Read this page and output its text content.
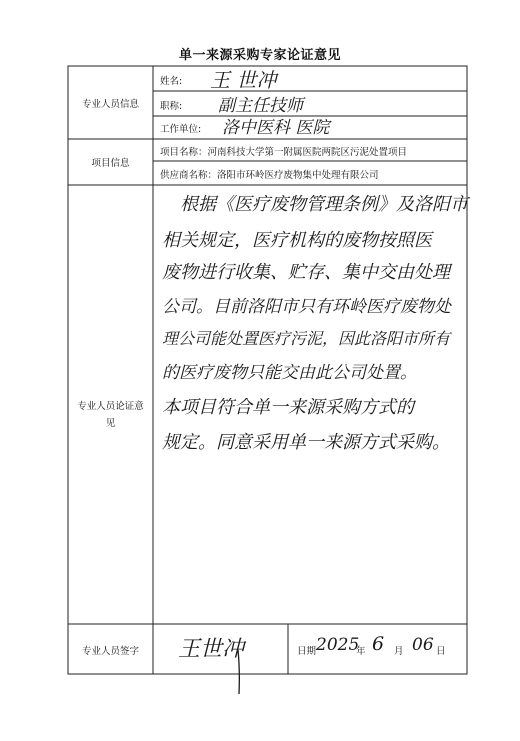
单一来源采购专家论证意见
专业人员信息
姓名: 王 世冲
职称: 副主任技师
工作单位: 洛中医科 医院
项目信息
项目名称：河南科技大学第一附属医院两院区污泥处置项目
供应商名称：洛阳市环岭医疗废物集中处理有限公司
专业人员论证意
见
根据《医疗废物管理条例》及洛阳市
相关规定，医疗机构的废物按照医
废物进行收集、贮存、集中交由处理
公司。目前洛阳市只有环岭医疗废物处
理公司能处置医疗污泥，因此洛阳市所有
的医疗废物只能交由此公司处置。
本项目符合单一来源采购方式的
规定。同意采用单一来源方式采购。
专业人员签字	王世冲	日期 2025
年 6 月 06 日
